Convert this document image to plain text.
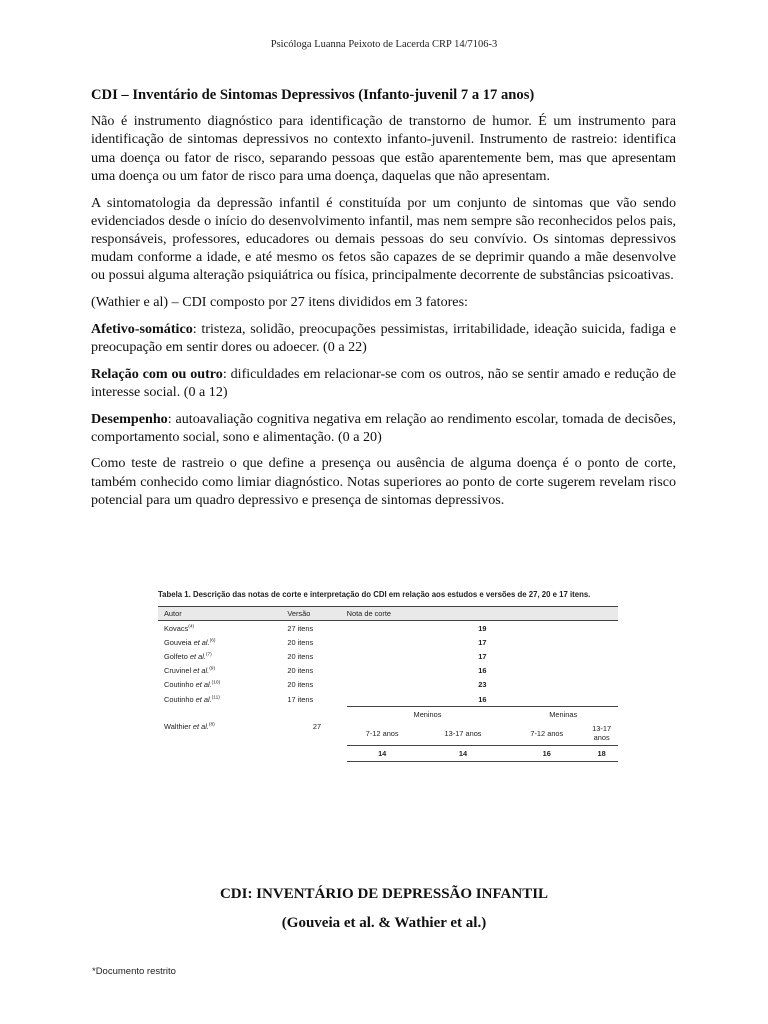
Psicóloga Luanna Peixoto de Lacerda CRP 14/7106-3

CDI – Inventário de Sintomas Depressivos (Infanto-juvenil 7 a 17 anos)

Não é instrumento diagnóstico para identificação de transtorno de humor. É um instrumento para identificação de sintomas depressivos no contexto infanto-juvenil. Instrumento de rastreio: identifica uma doença ou fator de risco, separando pessoas que estão aparentemente bem, mas que apresentam uma doença ou um fator de risco para uma doença, daquelas que não apresentam.

A sintomatologia da depressão infantil é constituída por um conjunto de sintomas que vão sendo evidenciados desde o início do desenvolvimento infantil, mas nem sempre são reconhecidos pelos pais, responsáveis, professores, educadores ou demais pessoas do seu convívio. Os sintomas depressivos mudam conforme a idade, e até mesmo os fetos são capazes de se deprimir quando a mãe desenvolve ou possui alguma alteração psiquiátrica ou física, principalmente decorrente de substâncias psicoativas.

(Wathier e al) – CDI composto por 27 itens divididos em 3 fatores:

Afetivo-somático: tristeza, solidão, preocupações pessimistas, irritabilidade, ideação suicida, fadiga e preocupação em sentir dores ou adoecer. (0 a 22)

Relação com ou outro: dificuldades em relacionar-se com os outros, não se sentir amado e redução de interesse social. (0 a 12)

Desempenho: autoavaliação cognitiva negativa em relação ao rendimento escolar, tomada de decisões, comportamento social, sono e alimentação. (0 a 20)

Como teste de rastreio o que define a presença ou ausência de alguma doença é o ponto de corte, também conhecido como limiar diagnóstico. Notas superiores ao ponto de corte sugerem revelam risco potencial para um quadro depressivo e presença de sintomas depressivos.

Tabela 1. Descrição das notas de corte e interpretação do CDI em relação aos estudos e versões de 27, 20 e 17 itens.

Autor	Versão	Nota de corte			
Kovacs$^{(4)}$	27 itens	19			
Gouveia et al.$^{(6)}$	20 itens	17			
Golfeto et al.$^{(7)}$	20 itens	17			
Cruvinel et al.$^{(9)}$	20 itens	16			
Coutinho et al.$^{(10)}$	20 itens	23			
Coutinho et al.$^{(11)}$	17 itens	16			
Walthier et al.$^{(8)}$	27	Meninos		Meninas	
		7-12 anos	13-17 anos	7-12 anos	13-17 anos
		14	14	16	18
CDI: INVENTÁRIO DE DEPRESSÃO INFANTIL
(Gouveia et al. & Wathier et al.)
*Documento restrito
